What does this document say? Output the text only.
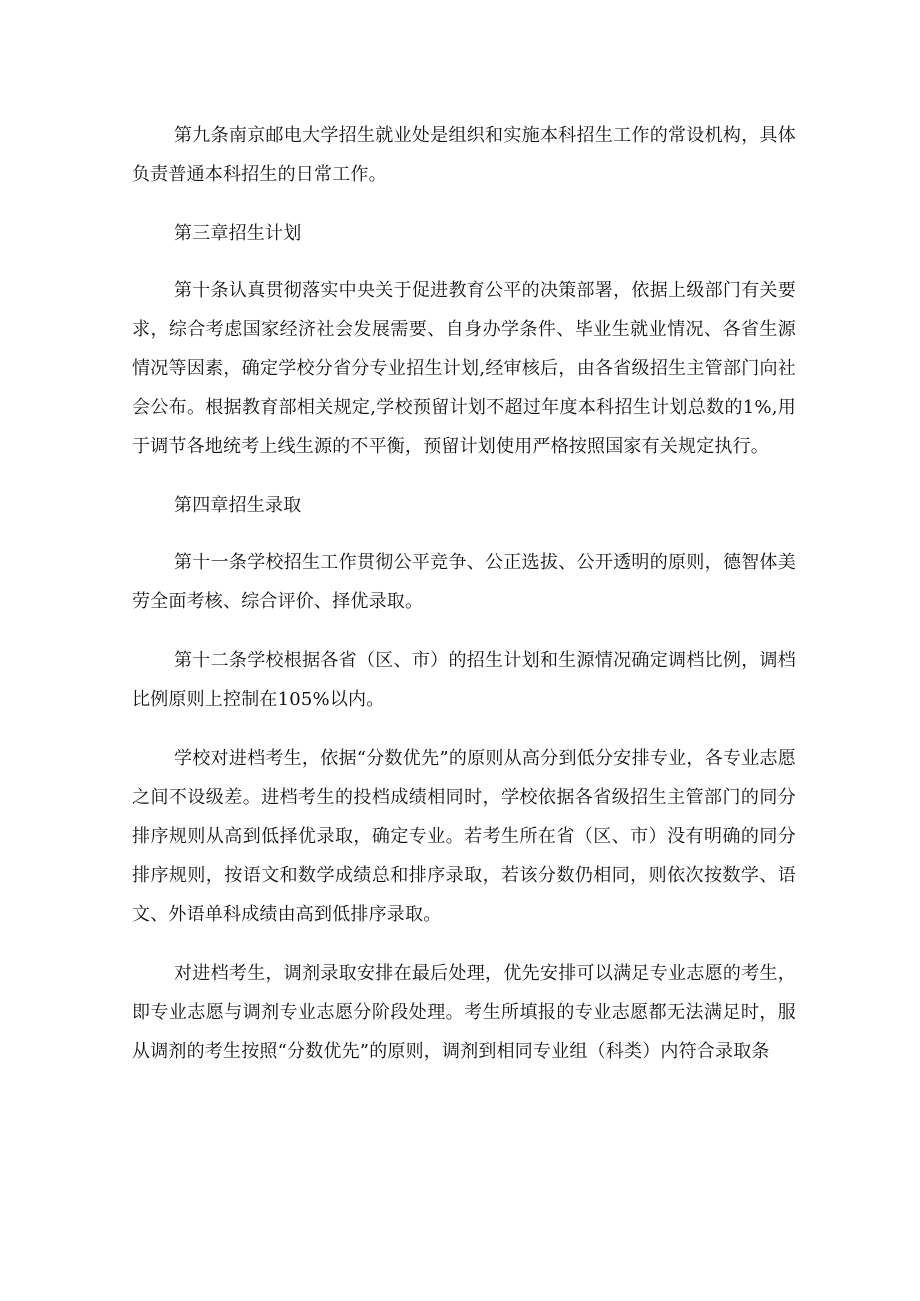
第九条南京邮电大学招生就业处是组织和实施本科招生工作的常设机构，具体负责普通本科招生的日常工作。

第三章招生计划

第十条认真贯彻落实中央关于促进教育公平的决策部署，依据上级部门有关要求，综合考虑国家经济社会发展需要、自身办学条件、毕业生就业情况、各省生源情况等因素，确定学校分省分专业招生计划,经审核后，由各省级招生主管部门向社会公布。根据教育部相关规定,学校预留计划不超过年度本科招生计划总数的1%,用于调节各地统考上线生源的不平衡，预留计划使用严格按照国家有关规定执行。

第四章招生录取

第十一条学校招生工作贯彻公平竞争、公正选拔、公开透明的原则，德智体美劳全面考核、综合评价、择优录取。

第十二条学校根据各省（区、市）的招生计划和生源情况确定调档比例，调档比例原则上控制在105%以内。

学校对进档考生，依据“分数优先”的原则从高分到低分安排专业，各专业志愿之间不设级差。进档考生的投档成绩相同时，学校依据各省级招生主管部门的同分排序规则从高到低择优录取，确定专业。若考生所在省（区、市）没有明确的同分排序规则，按语文和数学成绩总和排序录取，若该分数仍相同，则依次按数学、语文、外语单科成绩由高到低排序录取。

对进档考生，调剂录取安排在最后处理，优先安排可以满足专业志愿的考生，即专业志愿与调剂专业志愿分阶段处理。考生所填报的专业志愿都无法满足时，服从调剂的考生按照“分数优先”的原则，调剂到相同专业组（科类）内符合录取条
